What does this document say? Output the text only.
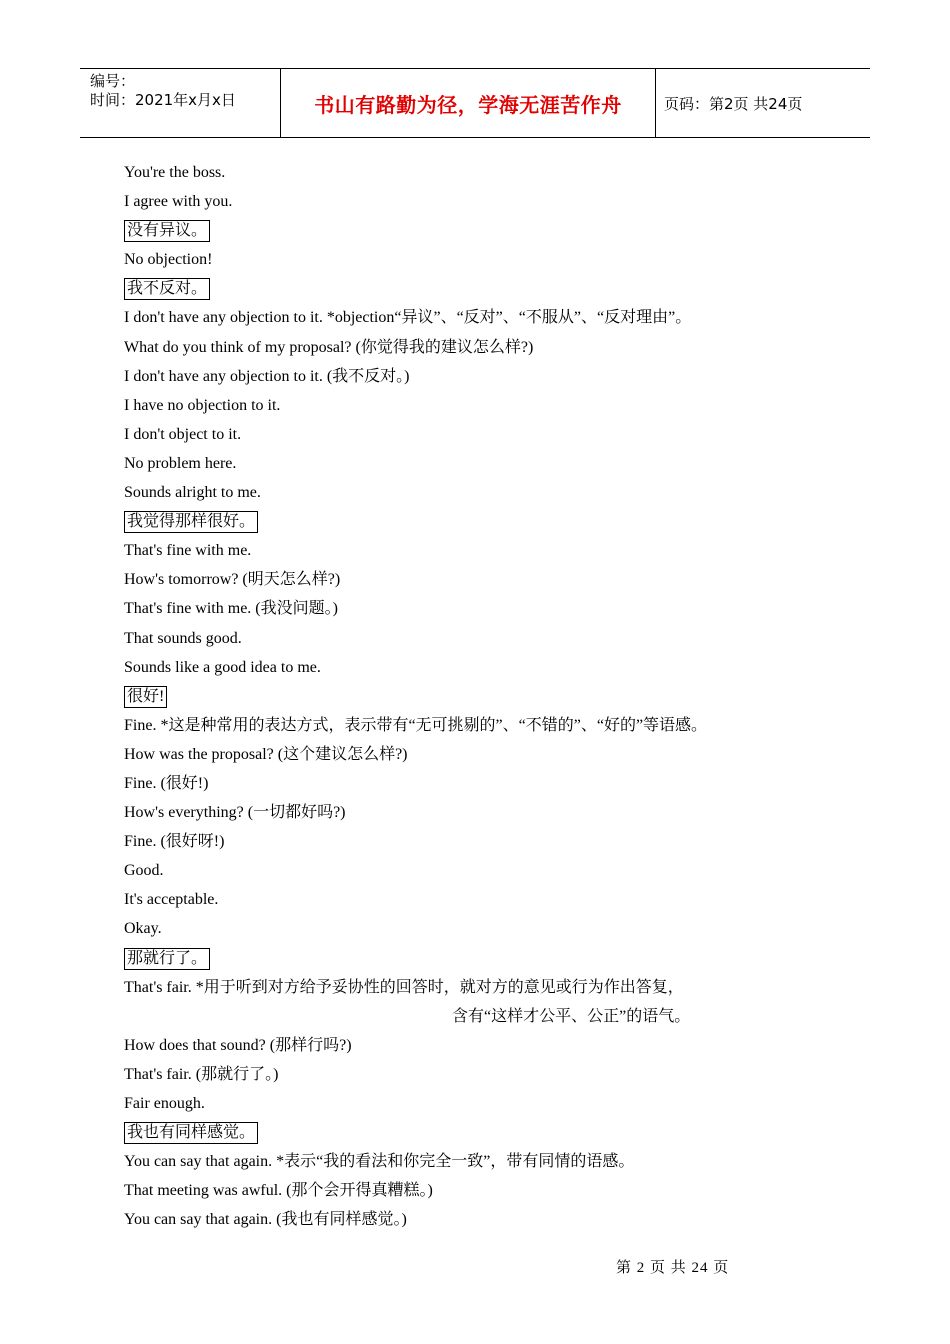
编号：
时间：2021年x月x日	书山有路勤为径，学海无涯苦作舟	页码：第2页 共24页
You're the boss.
I agree with you.
没有异议。
No objection!
我不反对。
I don't have any objection to it. *objection“异议”、“反对”、“不服从”、“反对理由”。
What do you think of my proposal? (你觉得我的建议怎么样?)
I don't have any objection to it. (我不反对。)
I have no objection to it.
I don't object to it.
No problem here.
Sounds alright to me.
我觉得那样很好。
That's fine with me.
How's tomorrow? (明天怎么样?)
That's fine with me. (我没问题。)
That sounds good.
Sounds like a good idea to me.
很好!
Fine. *这是种常用的表达方式，表示带有“无可挑剔的”、“不错的”、“好的”等语感。
How was the proposal? (这个建议怎么样?)
Fine. (很好!)
How's everything? (一切都好吗?)
Fine. (很好呀!)
Good.
It's acceptable.
Okay.
那就行了。
That's fair. *用于听到对方给予妥协性的回答时，就对方的意见或行为作出答复，
含有“这样才公平、公正”的语气。
How does that sound? (那样行吗?)
That's fair. (那就行了。)
Fair enough.
我也有同样感觉。
You can say that again. *表示“我的看法和你完全一致”，带有同情的语感。
That meeting was awful. (那个会开得真糟糕。)
You can say that again. (我也有同样感觉。)
第 2 页 共 24 页
